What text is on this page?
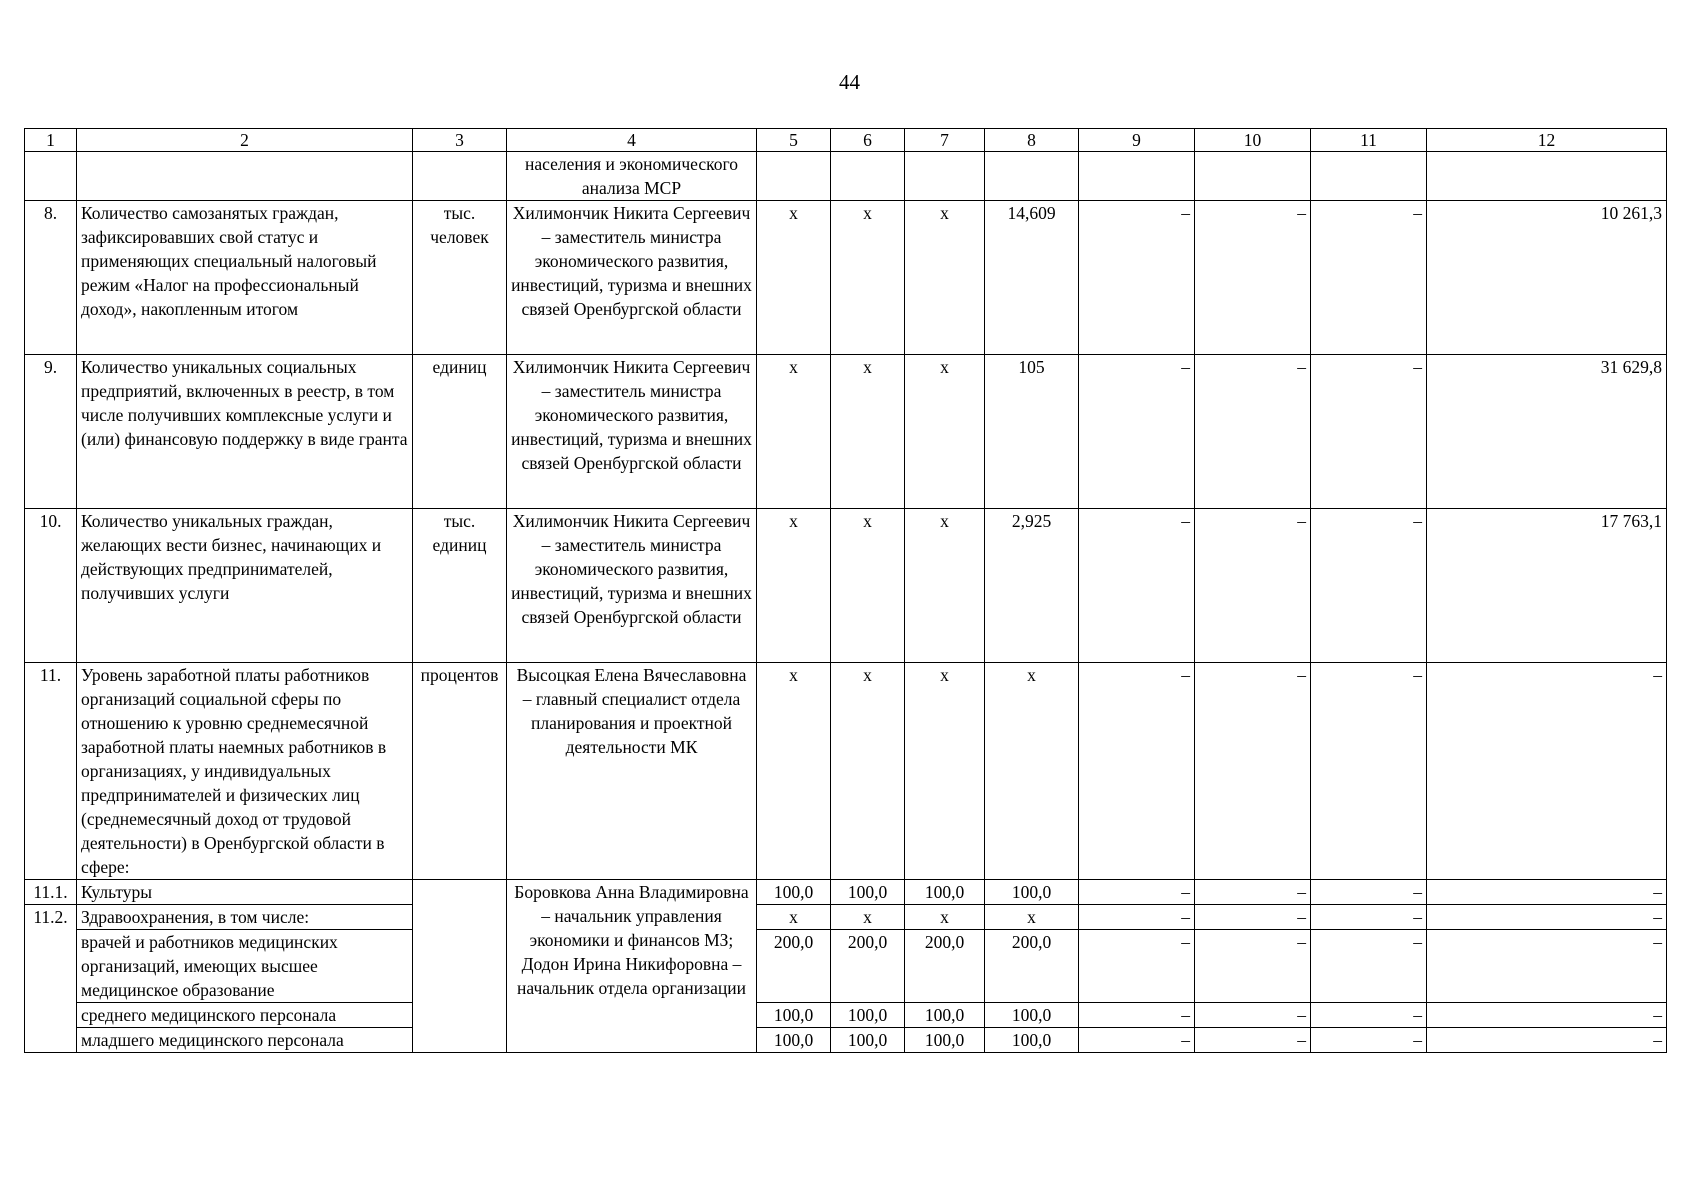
44
1	2	3	4	5	6	7	8	9	10	11	12
			населения и экономического анализа МСР								
8.	Количество самозанятых граждан, зафиксировавших свой статус и применяющих специальный налоговый режим «Налог на профессиональный доход», накопленным итогом	тыс. человек	Хилимончик Никита Сергеевич – заместитель министра экономического развития, инвестиций, туризма и внешних связей Оренбургской области	х	х	х	14,609	–	–	–	10 261,3
9.	Количество уникальных социальных предприятий, включенных в реестр, в том числе получивших комплексные услуги и (или) финансовую поддержку в виде гранта	единиц	Хилимончик Никита Сергеевич – заместитель министра экономического развития, инвестиций, туризма и внешних связей Оренбургской области	х	х	х	105	–	–	–	31 629,8
10.	Количество уникальных граждан, желающих вести бизнес, начинающих и действующих предпринимателей, получивших услуги	тыс. единиц	Хилимончик Никита Сергеевич – заместитель министра экономического развития, инвестиций, туризма и внешних связей Оренбургской области	х	х	х	2,925	–	–	–	17 763,1
11.	Уровень заработной платы работников организаций социальной сферы по отношению к уровню среднемесячной заработной платы наемных работников в организациях, у индивидуальных предпринимателей и физических лиц (среднемесячный доход от трудовой деятельности) в Оренбургской области в сфере:	процентов	Высоцкая Елена Вячеславовна – главный специалист отдела планирования и проектной деятельности МК	х	х	х	х	–	–	–	–
11.1.	Культуры		Боровкова Анна Владимировна – начальник управления экономики и финансов МЗ; Додон Ирина Никифоровна – начальник отдела организации	100,0	100,0	100,0	100,0	–	–	–	–
11.2.	Здравоохранения, в том числе:			х	х	х	х	–	–	–	–
	врачей и работников медицинских организаций, имеющих высшее медицинское образование			200,0	200,0	200,0	200,0	–	–	–	–
	среднего медицинского персонала			100,0	100,0	100,0	100,0	–	–	–	–
	младшего медицинского персонала			100,0	100,0	100,0	100,0	–	–	–	–
